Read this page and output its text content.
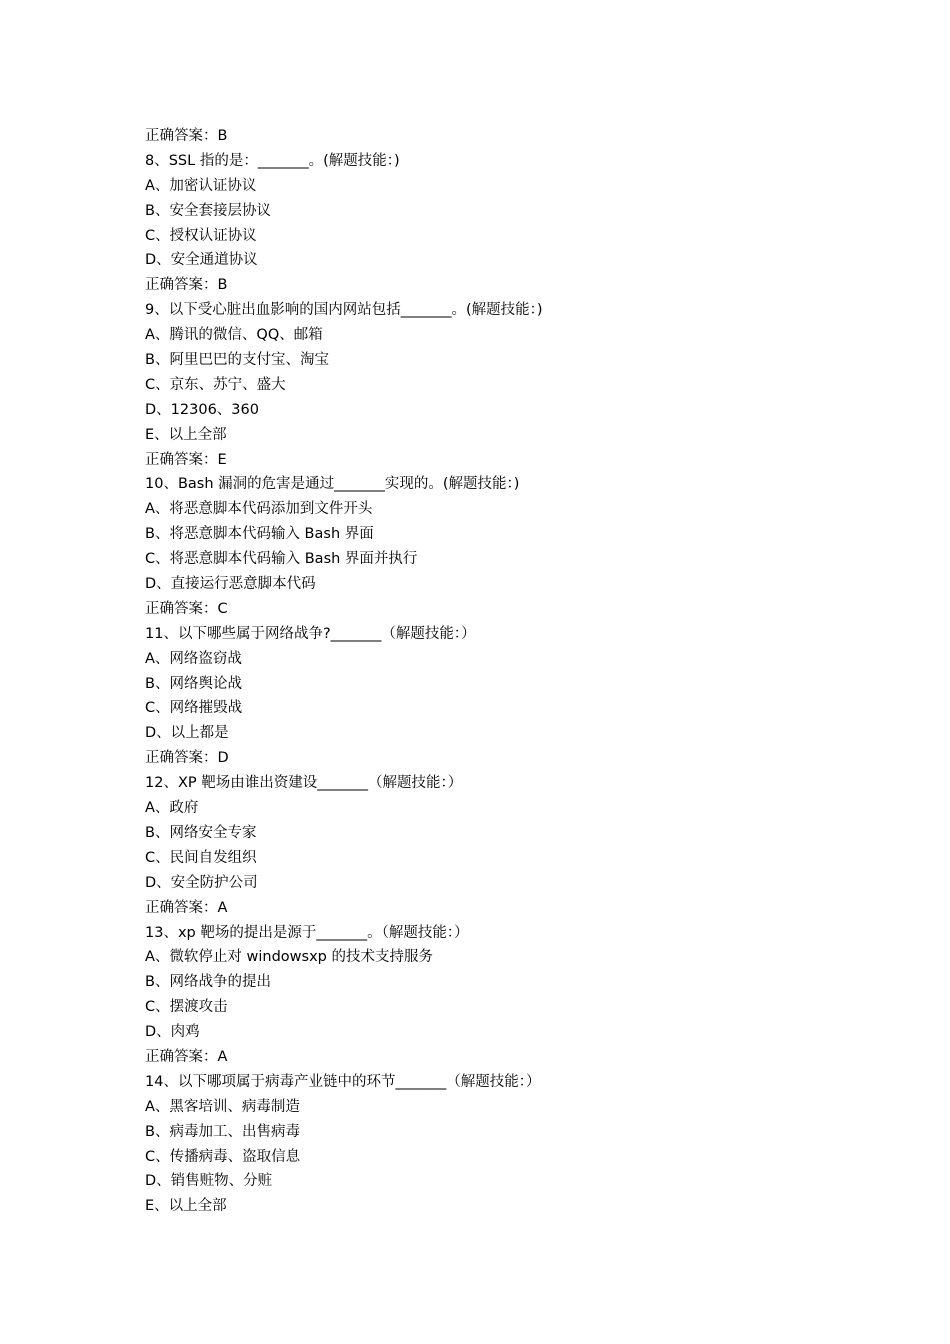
正确答案：B
8、SSL 指的是：_______。(解题技能：)
A、加密认证协议
B、安全套接层协议
C、授权认证协议
D、安全通道协议
正确答案：B
9、以下受心脏出血影响的国内网站包括_______。(解题技能：)
A、腾讯的微信、QQ、邮箱
B、阿里巴巴的支付宝、淘宝
C、京东、苏宁、盛大
D、12306、360
E、以上全部
正确答案：E
10、Bash 漏洞的危害是通过_______实现的。(解题技能：)
A、将恶意脚本代码添加到文件开头
B、将恶意脚本代码输入 Bash 界面
C、将恶意脚本代码输入 Bash 界面并执行
D、直接运行恶意脚本代码
正确答案：C
11、以下哪些属于网络战争?_______（解题技能：）
A、网络盗窃战
B、网络舆论战
C、网络摧毁战
D、以上都是
正确答案：D
12、XP 靶场由谁出资建设_______（解题技能：）
A、政府
B、网络安全专家
C、民间自发组织
D、安全防护公司
正确答案：A
13、xp 靶场的提出是源于_______。（解题技能：）
A、微软停止对 windowsxp 的技术支持服务
B、网络战争的提出
C、摆渡攻击
D、肉鸡
正确答案：A
14、以下哪项属于病毒产业链中的环节_______（解题技能：）
A、黑客培训、病毒制造
B、病毒加工、出售病毒
C、传播病毒、盗取信息
D、销售赃物、分赃
E、以上全部
